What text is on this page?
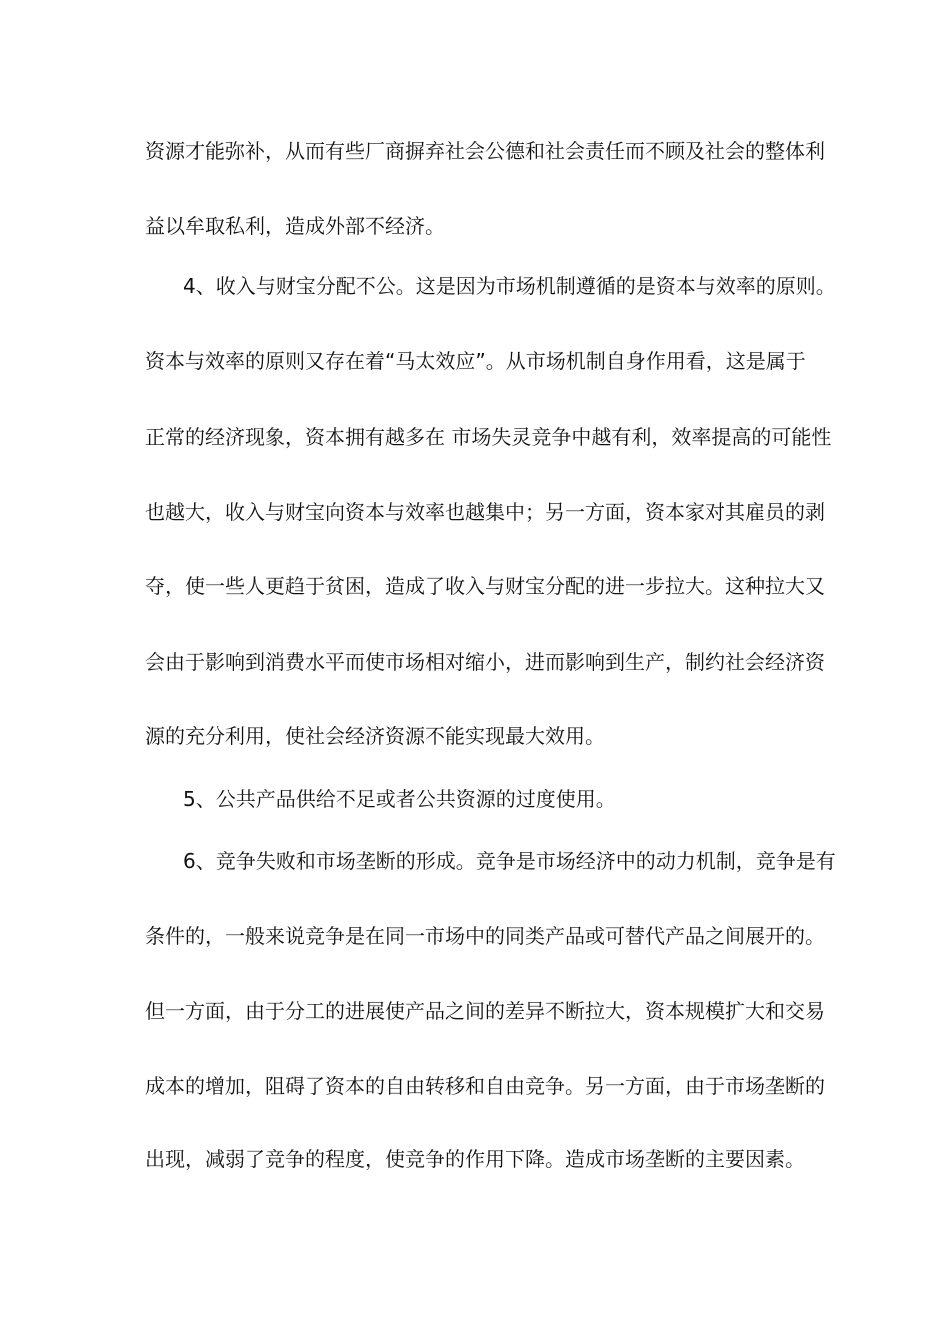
资源才能弥补，从而有些厂商摒弃社会公德和社会责任而不顾及社会的整体利
益以牟取私利，造成外部不经济。
4、收入与财宝分配不公。这是因为市场机制遵循的是资本与效率的原则。
资本与效率的原则又存在着“马太效应”。从市场机制自身作用看，这是属于
正常的经济现象，资本拥有越多在 市场失灵竞争中越有利，效率提高的可能性
也越大，收入与财宝向资本与效率也越集中；另一方面，资本家对其雇员的剥
夺，使一些人更趋于贫困，造成了收入与财宝分配的进一步拉大。这种拉大又
会由于影响到消费水平而使市场相对缩小，进而影响到生产，制约社会经济资
源的充分利用，使社会经济资源不能实现最大效用。
5、公共产品供给不足或者公共资源的过度使用。
6、竞争失败和市场垄断的形成。竞争是市场经济中的动力机制，竞争是有
条件的，一般来说竞争是在同一市场中的同类产品或可替代产品之间展开的。
但一方面，由于分工的进展使产品之间的差异不断拉大，资本规模扩大和交易
成本的增加，阻碍了资本的自由转移和自由竞争。另一方面，由于市场垄断的
出现，减弱了竞争的程度，使竞争的作用下降。造成市场垄断的主要因素。
